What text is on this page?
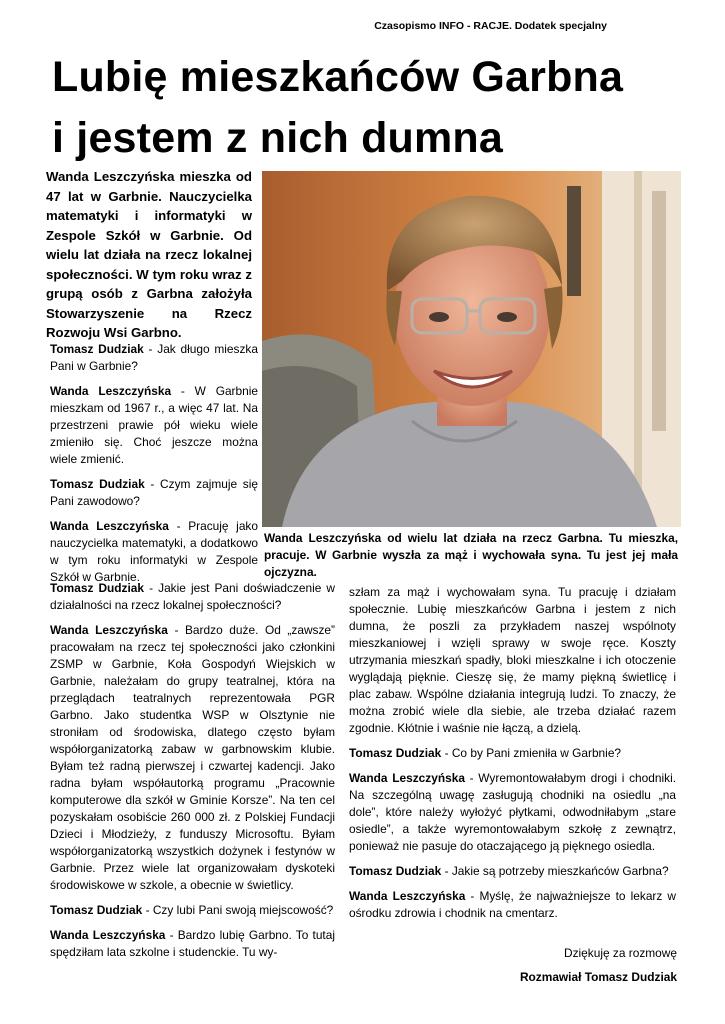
Czasopismo INFO - RACJE. Dodatek specjalny
Lubię mieszkańców Garbna
i jestem z nich dumna
Wanda Leszczyńska mieszka od 47 lat w Garbnie. Nauczycielka matematyki i informatyki w Zespole Szkół w Garbnie. Od wielu lat działa na rzecz lokalnej społeczności. W tym roku wraz z grupą osób z Garbna założyła Stowarzyszenie na Rzecz Rozwoju Wsi Garbno.
Wanda Leszczyńska od wielu lat działa na rzecz Garbna. Tu mieszka, pracuje. W Garbnie wyszła za mąż i wychowała syna. Tu jest jej mała ojczyzna.

Tomasz Dudziak - Jak długo mieszka Pani w Garbnie?

Wanda Leszczyńska - W Garbnie mieszkam od 1967 r., a więc 47 lat. Na przestrzeni prawie pół wieku wiele zmieniło się. Choć jeszcze można wiele zmienić.

Tomasz Dudziak - Czym zajmuje się Pani zawodowo?

Wanda Leszczyńska - Pracuję jako nauczycielka matematyki, a dodatkowo w tym roku informatyki w Zespole Szkół w Garbnie.

Tomasz Dudziak - Jakie jest Pani doświadczenie w działalności na rzecz lokalnej społeczności?

Wanda Leszczyńska - Bardzo duże. Od „zawsze” pracowałam na rzecz tej społeczności jako członkini ZSMP w Garbnie, Koła Gospodyń Wiejskich w Garbnie, należałam do grupy teatralnej, która na przeglądach teatralnych reprezentowała PGR Garbno. Jako studentka WSP w Olsztynie nie stroniłam od środowiska, dlatego często byłam współorganizatorką zabaw w garbnowskim klubie. Byłam też radną pierwszej i czwartej kadencji. Jako radna byłam współautorką programu „Pracownie komputerowe dla szkół w Gminie Korsze”. Na ten cel pozyskałam osobiście 260 000 zł. z Polskiej Fundacji Dzieci i Młodzieży, z funduszy Microsoftu. Byłam współorganizatorką wszystkich dożynek i festynów w Garbnie. Przez wiele lat organizowałam dyskoteki środowiskowe w szkole, a obecnie w świetlicy.

Tomasz Dudziak - Czy lubi Pani swoją miejscowość?

Wanda Leszczyńska - Bardzo lubię Garbno. To tutaj spędziłam lata szkolne i studenckie. Tu wy-

szłam za mąż i wychowałam syna. Tu pracuję i działam społecznie. Lubię mieszkańców Garbna i jestem z nich dumna, że poszli za przykładem naszej wspólnoty mieszkaniowej i wzięli sprawy w swoje ręce. Koszty utrzymania mieszkań spadły, bloki mieszkalne i ich otoczenie wyglądają pięknie. Cieszę się, że mamy piękną świetlicę i plac zabaw. Wspólne działania integrują ludzi. To znaczy, że można zrobić wiele dla siebie, ale trzeba działać razem zgodnie. Kłótnie i waśnie nie łączą, a dzielą.

Tomasz Dudziak - Co by Pani zmieniła w Garbnie?

Wanda Leszczyńska - Wyremontowałabym drogi i chodniki. Na szczególną uwagę zasługują chodniki na osiedlu „na dole”, które należy wyłożyć płytkami, odwodniłabym „stare osiedle”, a także wyremontowałabym szkołę z zewnątrz, ponieważ nie pasuje do otaczającego ją pięknego osiedla.

Tomasz Dudziak - Jakie są potrzeby mieszkańców Garbna?

Wanda Leszczyńska - Myślę, że najważniejsze to lekarz w ośrodku zdrowia i chodnik na cmentarz.

Dziękuję za rozmowę
Rozmawiał Tomasz Dudziak
